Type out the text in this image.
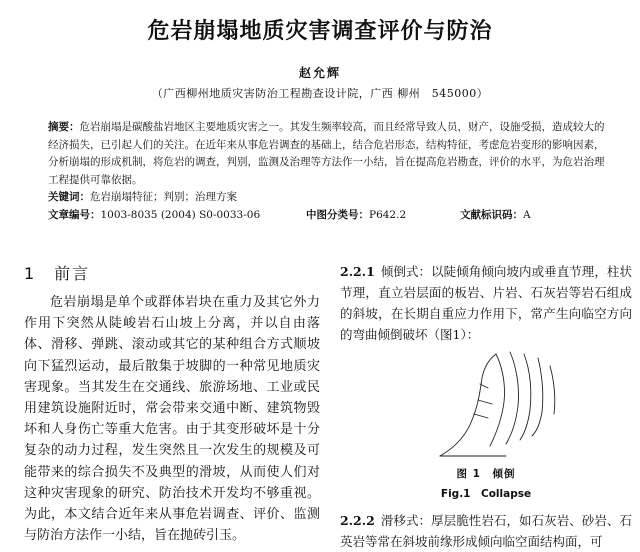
危岩崩塌地质灾害调查评价与防治
赵允辉
（广西柳州地质灾害防治工程勘查设计院，广西 柳州　545000）

摘要：危岩崩塌是碳酸盐岩地区主要地质灾害之一。其发生频率较高，而且经常导致人员，财产，设施受损，造成较大的经济损失，已引起人们的关注。在近年来从事危岩调查的基础上，结合危岩形态，结构特征，考虑危岩变形的影响因素，分析崩塌的形成机制，将危岩的调查，判别，监测及治理等方法作一小结，旨在提高危岩勘查，评价的水平，为危岩治理工程提供可靠依据。

关键词：危岩崩塌特征；判别；治理方案
文章编号： 1003-8035 (2004) S0-0033-06	中图分类号： P642.2	文献标识码： A
1　前言

危岩崩塌是单个或群体岩块在重力及其它外力作用下突然从陡峻岩石山坡上分离，并以自由落体、滑移、弹跳、滚动或其它的某种组合方式顺坡向下猛烈运动，最后散集于坡脚的一种常见地质灾害现象。当其发生在交通线、旅游场地、工业或民用建筑设施附近时，常会带来交通中断、建筑物毁坏和人身伤亡等重大危害。由于其变形破坏是十分复杂的动力过程，发生突然且一次发生的规模及可能带来的综合损失不及典型的滑坡，从而使人们对这种灾害现象的研究、防治技术开发均不够重视。为此，本文结合近年来从事危岩调查、评价、监测与防治方法作一小结，旨在抛砖引玉。

2.2.1 倾倒式：以陡倾角倾向坡内或垂直节理，柱状节理，直立岩层面的板岩、片岩、石灰岩等岩石组成的斜坡，在长期自重应力作用下，常产生向临空方向的弯曲倾倒破坏（图1）：

图 1　倾倒
Fig.1　Collapse

2.2.2 滑移式：厚层脆性岩石，如石灰岩、砂岩、石英岩等常在斜坡前缘形成倾向临空面结构面，可
